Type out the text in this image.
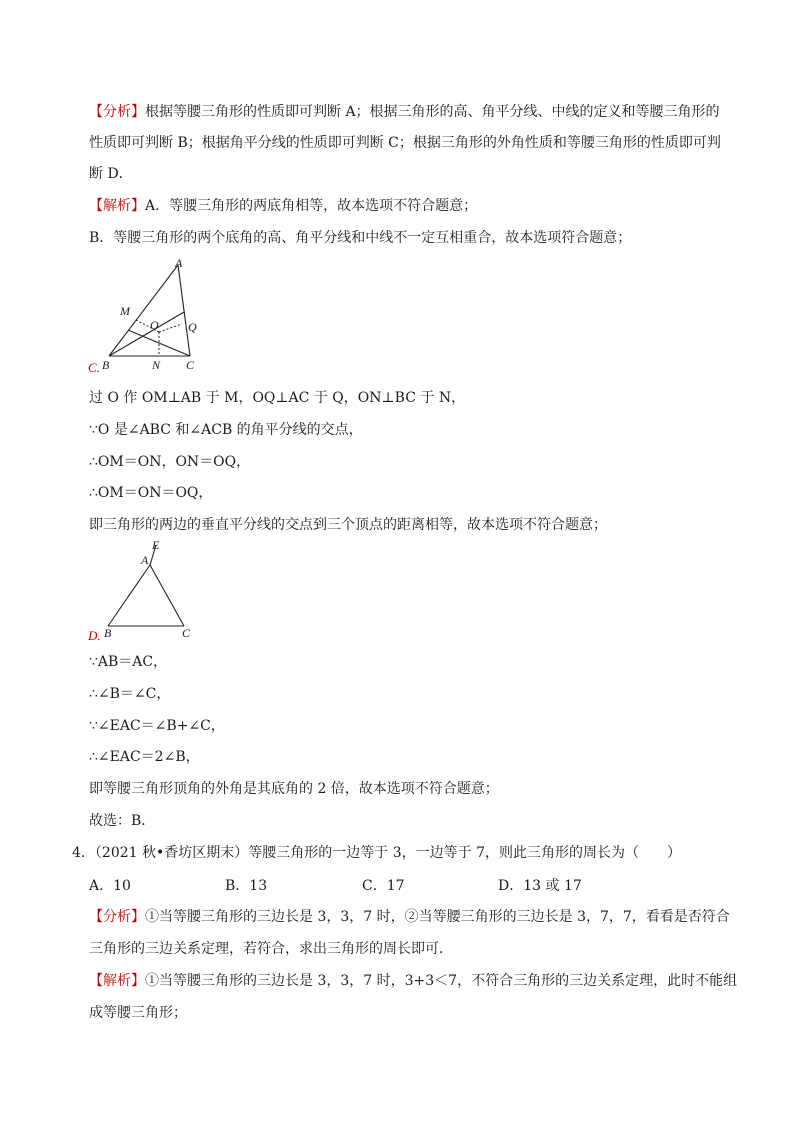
【分析】根据等腰三角形的性质即可判断 A；根据三角形的高、角平分线、中线的定义和等腰三角形的
性质即可判断 B；根据角平分线的性质即可判断 C；根据三角形的外角性质和等腰三角形的性质即可判
断 D．
【解析】A．等腰三角形的两底角相等，故本选项不符合题意；
B．等腰三角形的两个底角的高、角平分线和中线不一定互相重合，故本选项符合题意；
C.
A
M
O Q
B	N C
过 O 作 OM⊥AB 于 M，OQ⊥AC 于 Q，ON⊥BC 于 N，
∵O 是∠ABC 和∠ACB 的角平分线的交点，
∴OM＝ON，ON＝OQ，
∴OM＝ON＝OQ，
即三角形的两边的垂直平分线的交点到三个顶点的距离相等，故本选项不符合题意；
D.
E
A
B	C
∵AB＝AC，
∴∠B＝∠C，
∵∠EAC＝∠B+∠C，
∴∠EAC＝2∠B，
即等腰三角形顶角的外角是其底角的 2 倍，故本选项不符合题意；
故选：B．
4．（2021 秋•香坊区期末）等腰三角形的一边等于 3，一边等于 7，则此三角形的周长为（　　）
A．10	B．13	C．17	D．13 或 17
【分析】①当等腰三角形的三边长是 3，3，7 时，②当等腰三角形的三边长是 3，7，7，看看是否符合
三角形的三边关系定理，若符合，求出三角形的周长即可．
【解析】①当等腰三角形的三边长是 3，3，7 时，3+3＜7，不符合三角形的三边关系定理，此时不能组
成等腰三角形；
